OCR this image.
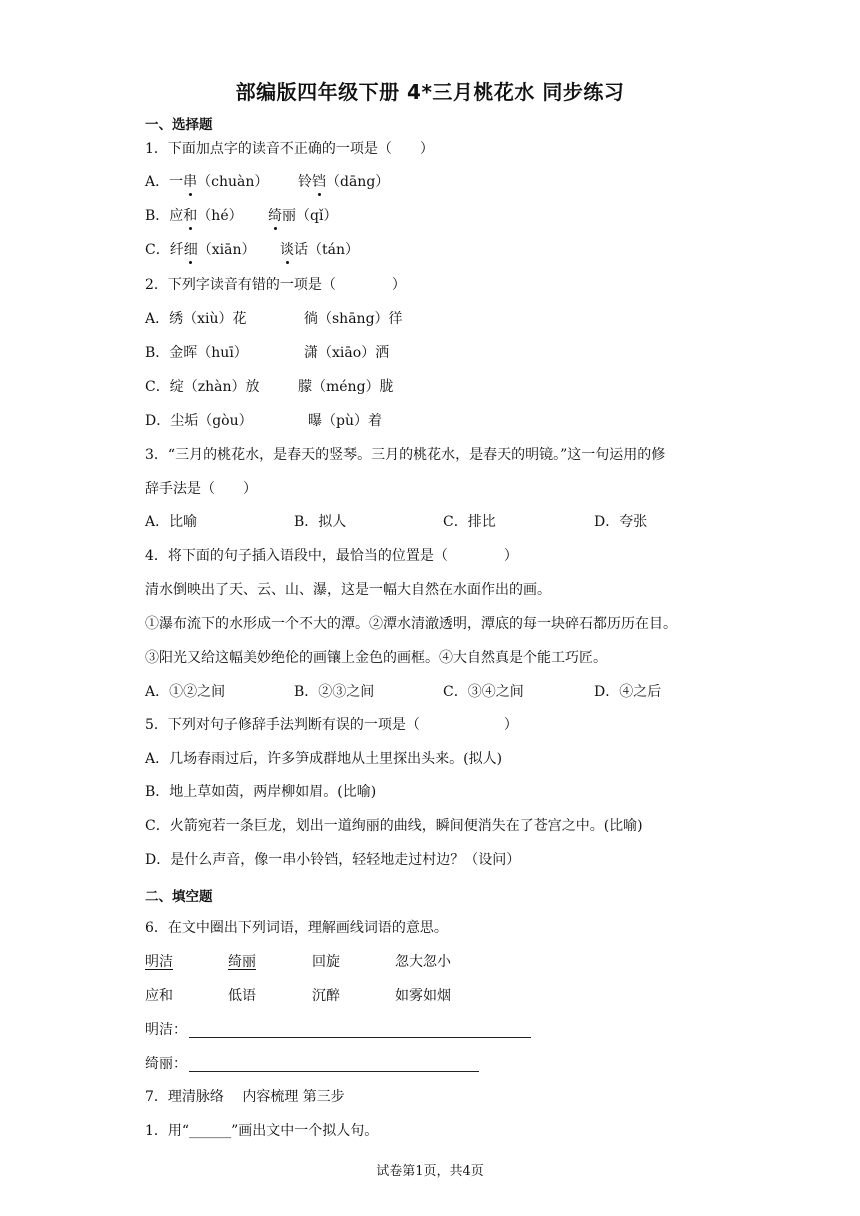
部编版四年级下册 4*三月桃花水 同步练习
一、选择题
1．下面加点字的读音不正确的一项是（　　）
A．一串（chuàn） 铃铛（dāng）
B．应和（hé） 绮丽（qǐ）
C．纤细（xiān） 谈话（tán）
2．下列字读音有错的一项是（　　　　）
A．绣（xiù）花	徜（shāng）徉
B．金晖（huī）	潇（xiāo）洒
C．绽（zhàn）放	朦（méng）胧
D．尘垢（gòu）	曝（pù）着
3．“三月的桃花水，是春天的竖琴。三月的桃花水，是春天的明镜。”这一句运用的修
辞手法是（　　）
A．比喻	B．拟人	C．排比	D．夸张
4．将下面的句子插入语段中，最恰当的位置是（　　　　）
清水倒映出了天、云、山、瀑，这是一幅大自然在水面作出的画。
①瀑布流下的水形成一个不大的潭。②潭水清澈透明，潭底的每一块碎石都历历在目。
③阳光又给这幅美妙绝伦的画镶上金色的画框。④大自然真是个能工巧匠。
A．①②之间	B．②③之间	C．③④之间	D．④之后
5．下列对句子修辞手法判断有误的一项是（　　　　　　）
A．几场春雨过后，许多笋成群地从土里探出头来。(拟人)
B．地上草如茵，两岸柳如眉。(比喻)
C．火箭宛若一条巨龙，划出一道绚丽的曲线，瞬间便消失在了苍宫之中。(比喻)
D．是什么声音，像一串小铃铛，轻轻地走过村边？（设问）
二、填空题
6．在文中圈出下列词语，理解画线词语的意思。
明洁	绮丽	回旋	忽大忽小
应和	低语	沉醉	如雾如烟
明洁：
绮丽：
7．理清脉络　 内容梳理 第三步
1．用“______”画出文中一个拟人句。
试卷第1页，共4页
